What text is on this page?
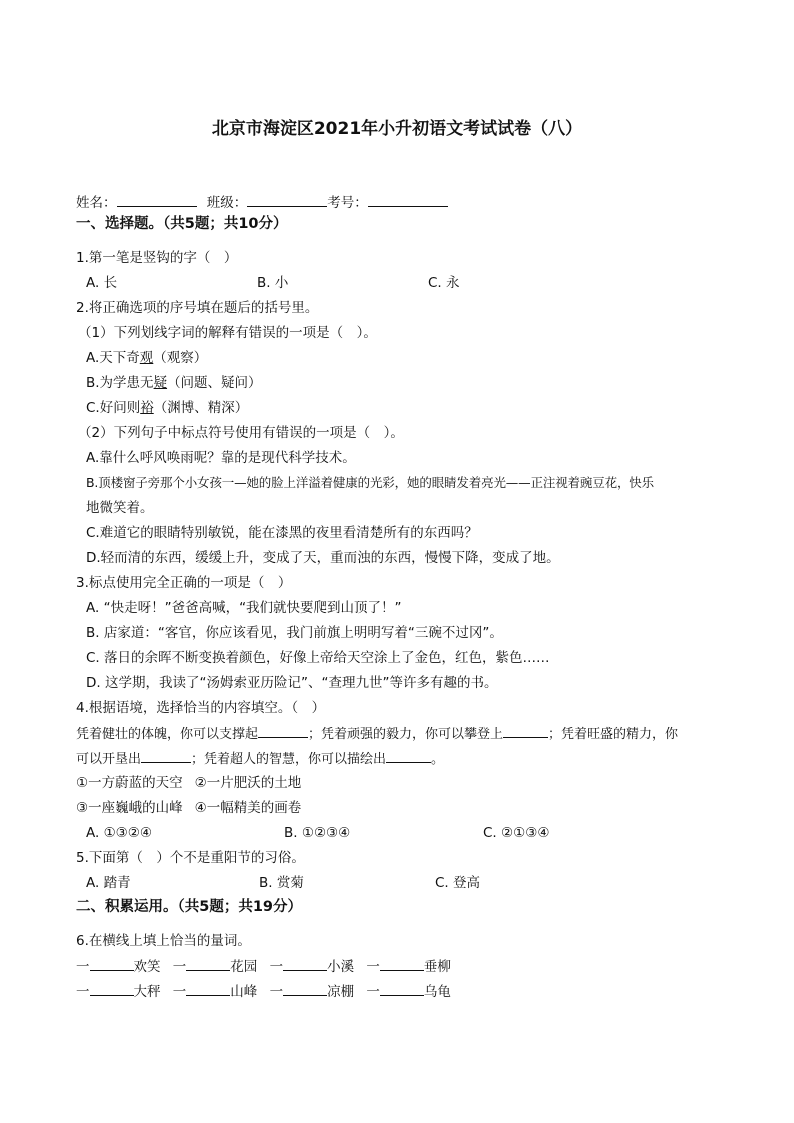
北京市海淀区2021年小升初语文考试试卷（八）
姓名：	班级：	考号：
一、选择题。（共5题；共10分）
1.第一笔是竖钩的字（　）
A. 长	B. 小	C. 永
2.将正确选项的序号填在题后的括号里。
（1）下列划线字词的解释有错误的一项是（　）。
A.天下奇观（观察）
B.为学患无疑（问题、疑问）
C.好问则裕（渊博、精深）
（2）下列句子中标点符号使用有错误的一项是（　）。
A.靠什么呼风唤雨呢？靠的是现代科学技术。
B.顶楼窗子旁那个小女孩一—她的脸上洋溢着健康的光彩，她的眼睛发着亮光——正注视着豌豆花，快乐
地微笑着。
C.难道它的眼睛特别敏锐，能在漆黑的夜里看清楚所有的东西吗？
D.轻而清的东西，缓缓上升，变成了天，重而浊的东西，慢慢下降，变成了地。
3.标点使用完全正确的一项是（　）
A. “快走呀！”爸爸高喊，“我们就快要爬到山顶了！”
B. 店家道：“客官，你应该看见，我门前旗上明明写着“三碗不过冈”。
C. 落日的余晖不断变换着颜色，好像上帝给天空涂上了金色，红色，紫色……
D. 这学期，我读了“汤姆索亚历险记”、“查理九世”等许多有趣的书。
4.根据语境，选择恰当的内容填空。（　）
凭着健壮的体魄，你可以支撑起	；凭着顽强的毅力，你可以攀登上	；凭着旺盛的精力，你
可以开垦出	；凭着超人的智慧，你可以描绘出	。
①一方蔚蓝的天空 ②一片肥沃的土地
③一座巍峨的山峰 ④一幅精美的画卷
A. ①③②④	B. ①②③④	C. ②①③④
5.下面第（　）个不是重阳节的习俗。
A. 踏青	B. 赏菊	C. 登高
二、积累运用。（共5题；共19分）
6.在横线上填上恰当的量词。
一	欢笑 一	花园 一	小溪 一	垂柳
一	大秤 一	山峰 一	凉棚 一	乌龟
